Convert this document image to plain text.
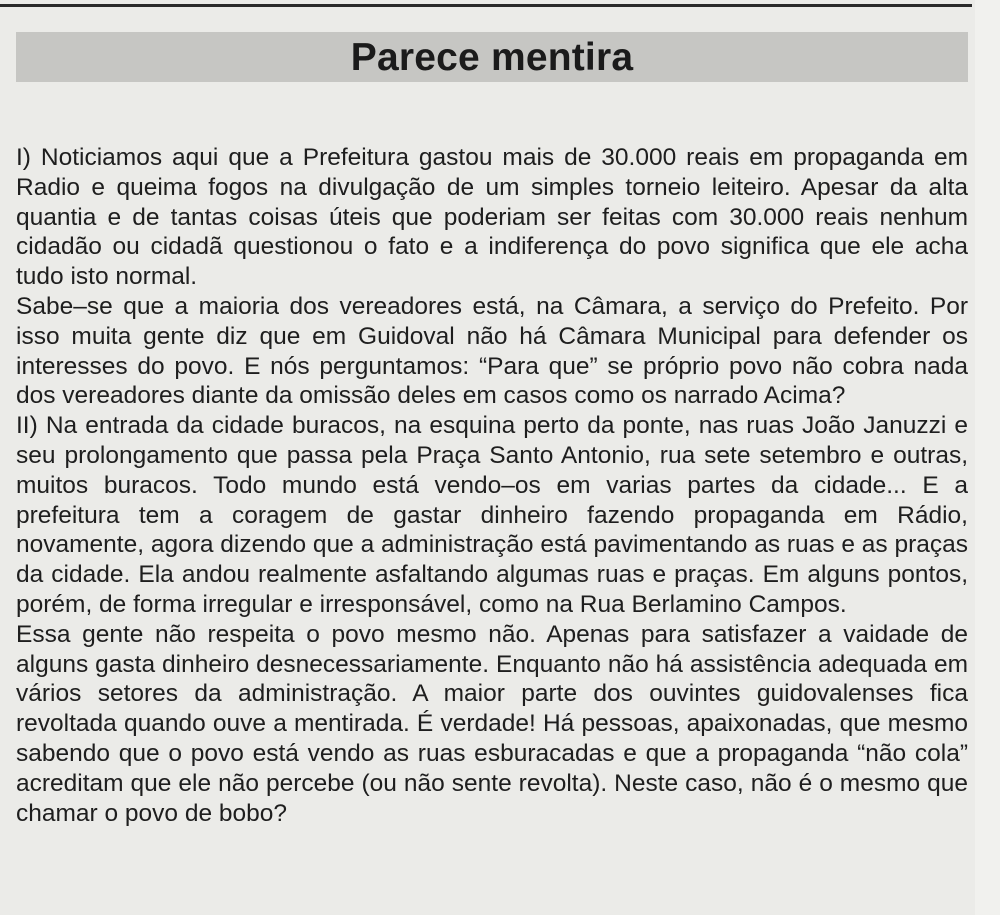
Parece mentira

I) Noticiamos aqui que a Prefeitura gastou mais de 30.000 reais em propaganda em Radio e queima fogos na divulgação de um simples torneio leiteiro. Apesar da alta quantia e de tantas coisas úteis que poderiam ser feitas com 30.000 reais nenhum cidadão ou cidadã questionou o fato e a indiferença do povo significa que ele acha tudo isto normal.

Sabe–se que a maioria dos vereadores está, na Câmara, a serviço do Prefeito. Por isso muita gente diz que em Guidoval não há Câmara Municipal para defender os interesses do povo. E nós perguntamos: “Para que” se próprio povo não cobra nada dos vereadores diante da omissão deles em casos como os narrado Acima?

II) Na entrada da cidade buracos, na esquina perto da ponte, nas ruas João Januzzi e seu prolongamento que passa pela Praça Santo Antonio, rua sete setembro e outras, muitos buracos. Todo mundo está vendo–os em varias partes da cidade... E a prefeitura tem a coragem de gastar dinheiro fazendo propaganda em Rádio, novamente, agora dizendo que a administração está pavimentando as ruas e as praças da cidade. Ela andou realmente asfaltando algumas ruas e praças. Em alguns pontos, porém, de forma irregular e irresponsável, como na Rua Berlamino Campos.

Essa gente não respeita o povo mesmo não. Apenas para satisfazer a vaidade de alguns gasta dinheiro desnecessariamente. Enquanto não há assistência adequada em vários setores da administração. A maior parte dos ouvintes guidovalenses fica revoltada quando ouve a mentirada. É verdade! Há pessoas, apaixonadas, que mesmo sabendo que o povo está vendo as ruas esburacadas e que a propaganda “não cola” acreditam que ele não percebe (ou não sente revolta). Neste caso, não é o mesmo que chamar o povo de bobo?
